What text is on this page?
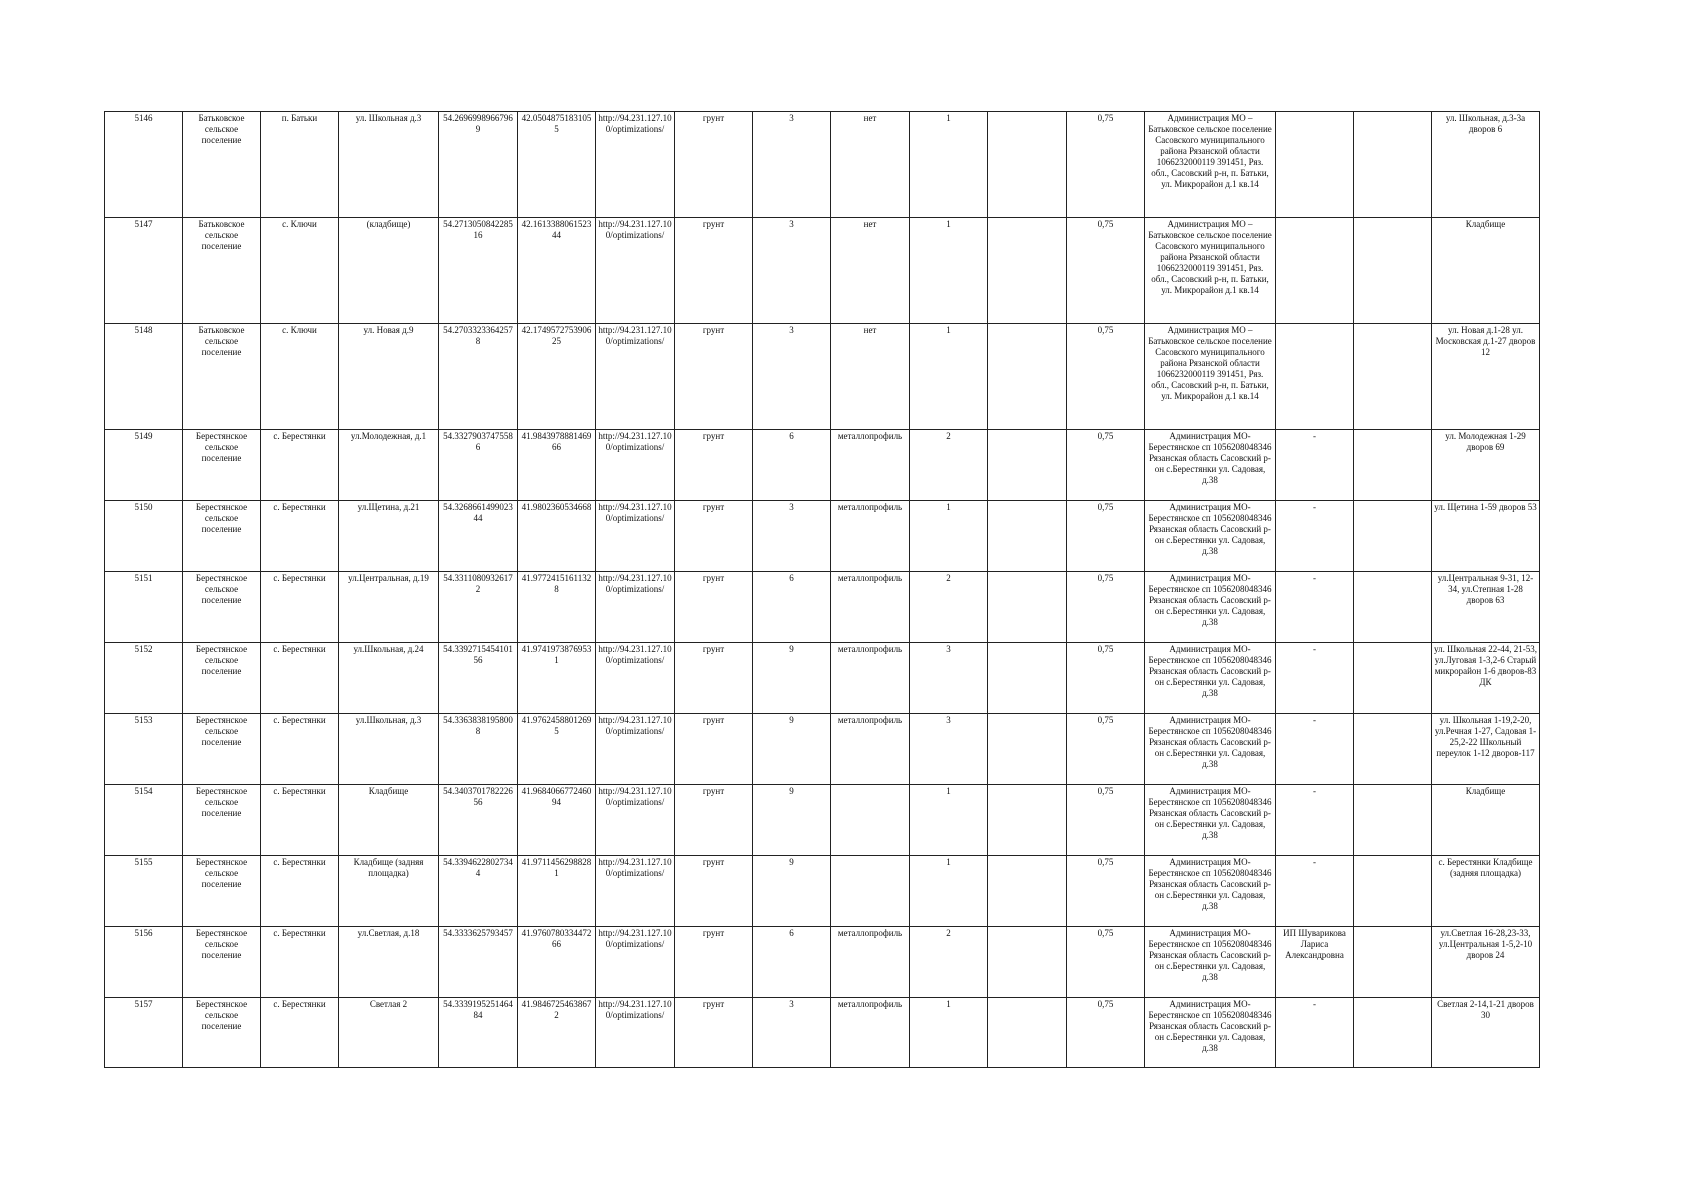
5146	Батьковское сельское поселение	п. Батьки	ул. Школьная д.3	54.2696998966796 9	42.0504875183105 5	http://94.231.127.10 0/optimizations/	грунт	3	нет	1		0,75	Администрация МО – Батьковское сельское поселение Сасовского муниципального района Рязанской области 1066232000119 391451, Ряз. обл., Сасовский р-н, п. Батьки, ул. Микрорайон д.1 кв.14			ул. Школьная, д.3-3а дворов 6
5147	Батьковское сельское поселение	с. Ключи	(кладбище)	54.2713050842285 16	42.1613388061523 44	http://94.231.127.10 0/optimizations/	грунт	3	нет	1		0,75	Администрация МО – Батьковское сельское поселение Сасовского муниципального района Рязанской области 1066232000119 391451, Ряз. обл., Сасовский р-н, п. Батьки, ул. Микрорайон д.1 кв.14			Кладбище
5148	Батьковское сельское поселение	с. Ключи	ул. Новая д.9	54.2703323364257 8	42.1749572753906 25	http://94.231.127.10 0/optimizations/	грунт	3	нет	1		0,75	Администрация МО – Батьковское сельское поселение Сасовского муниципального района Рязанской области 1066232000119 391451, Ряз. обл., Сасовский р-н, п. Батьки, ул. Микрорайон д.1 кв.14			ул. Новая д.1-28 ул. Московская д.1-27 дворов 12
5149	Берестянское сельское поселение	с. Берестянки	ул.Молодежная, д.1	54.3327903747558 6	41.9843978881469 66	http://94.231.127.10 0/optimizations/	грунт	6	металлопрофиль	2		0,75	Администрация МО-Берестянское сп 1056208048346 Рязанская область Сасовский р-он с.Берестянки ул. Садовая, д.38	-		ул. Молодежная 1-29 дворов 69
5150	Берестянское сельское поселение	с. Берестянки	ул.Щетина, д.21	54.3268661499023 44	41.9802360534668	http://94.231.127.10 0/optimizations/	грунт	3	металлопрофиль	1		0,75	Администрация МО-Берестянское сп 1056208048346 Рязанская область Сасовский р-он с.Берестянки ул. Садовая, д.38	-		ул. Щетина 1-59 дворов 53
5151	Берестянское сельское поселение	с. Берестянки	ул.Центральная, д.19	54.3311080932617 2	41.9772415161132 8	http://94.231.127.10 0/optimizations/	грунт	6	металлопрофиль	2		0,75	Администрация МО-Берестянское сп 1056208048346 Рязанская область Сасовский р-он с.Берестянки ул. Садовая, д.38	-		ул.Центральная 9-31, 12-34, ул.Степная 1-28 дворов 63
5152	Берестянское сельское поселение	с. Берестянки	ул.Школьная, д.24	54.3392715454101 56	41.9741973876953 1	http://94.231.127.10 0/optimizations/	грунт	9	металлопрофиль	3		0,75	Администрация МО-Берестянское сп 1056208048346 Рязанская область Сасовский р-он с.Берестянки ул. Садовая, д.38	-		ул. Школьная 22-44, 21-53, ул.Луговая 1-3,2-6 Старый микрорайон 1-6 дворов-83 ДК
5153	Берестянское сельское поселение	с. Берестянки	ул.Школьная, д.3	54.3363838195800 8	41.9762458801269 5	http://94.231.127.10 0/optimizations/	грунт	9	металлопрофиль	3		0,75	Администрация МО-Берестянское сп 1056208048346 Рязанская область Сасовский р-он с.Берестянки ул. Садовая, д.38	-		ул. Школьная 1-19,2-20, ул.Речная 1-27, Садовая 1-25,2-22 Школьный переулок 1-12 дворов-117
5154	Берестянское сельское поселение	с. Берестянки	Кладбище	54.3403701782226 56	41.9684066772460 94	http://94.231.127.10 0/optimizations/	грунт	9		1		0,75	Администрация МО-Берестянское сп 1056208048346 Рязанская область Сасовский р-он с.Берестянки ул. Садовая, д.38	-		Кладбище
5155	Берестянское сельское поселение	с. Берестянки	Кладбище (задняя площадка)	54.3394622802734 4	41.9711456298828 1	http://94.231.127.10 0/optimizations/	грунт	9		1		0,75	Администрация МО-Берестянское сп 1056208048346 Рязанская область Сасовский р-он с.Берестянки ул. Садовая, д.38	-		с. Берестянки Кладбище (задняя площадка)
5156	Берестянское сельское поселение	с. Берестянки	ул.Светлая, д.18	54.3333625793457	41.9760780334472 66	http://94.231.127.10 0/optimizations/	грунт	6	металлопрофиль	2		0,75	Администрация МО-Берестянское сп 1056208048346 Рязанская область Сасовский р-он с.Берестянки ул. Садовая, д.38	ИП Шуварикова Лариса Александровна		ул.Светлая 16-28,23-33, ул.Центральная 1-5,2-10 дворов 24
5157	Берестянское сельское поселение	с. Берестянки	Светлая 2	54.3339195251464 84	41.9846725463867 2	http://94.231.127.10 0/optimizations/	грунт	3	металлопрофиль	1		0,75	Администрация МО-Берестянское сп 1056208048346 Рязанская область Сасовский р-он с.Берестянки ул. Садовая, д.38	-		Светлая 2-14,1-21 дворов 30
